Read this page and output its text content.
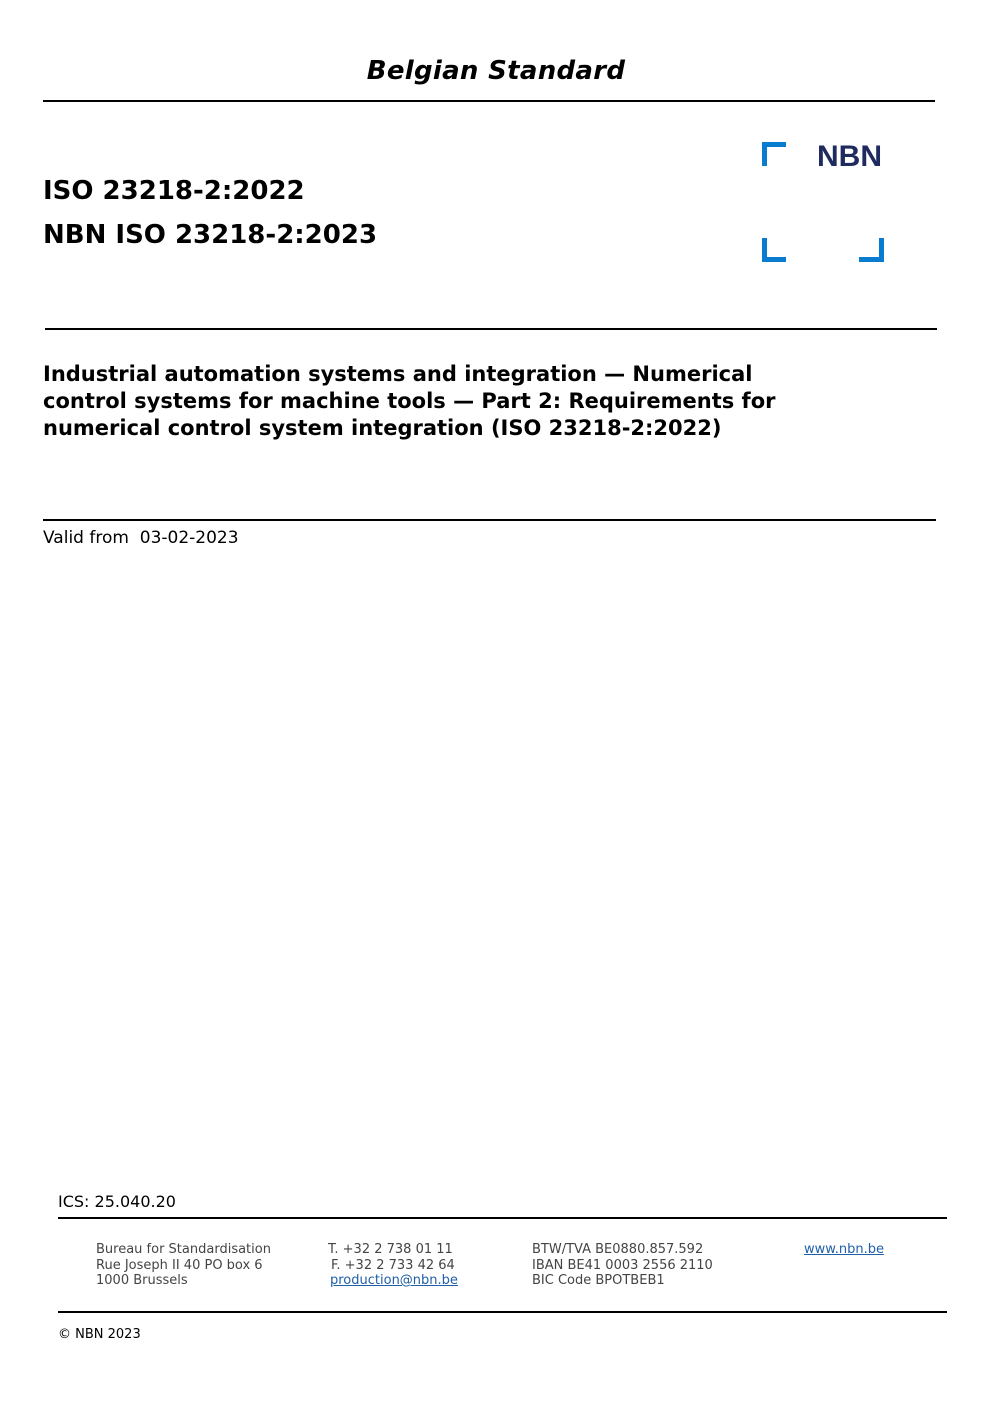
Belgian Standard
ISO 23218-2:2022
NBN ISO 23218-2:2023
NBN
Industrial automation systems and integration — Numerical
control systems for machine tools — Part 2: Requirements for
numerical control system integration (ISO 23218-2:2022)
Valid from 03-02-2023
ICS: 25.040.20
Bureau for Standardisation
Rue Joseph II 40 PO box 6
1000 Brussels
T. +32 2 738 01 11
F. +32 2 733 42 64
production@nbn.be
BTW/TVA BE0880.857.592
IBAN BE41 0003 2556 2110
BIC Code BPOTBEB1
www.nbn.be
© NBN 2023
